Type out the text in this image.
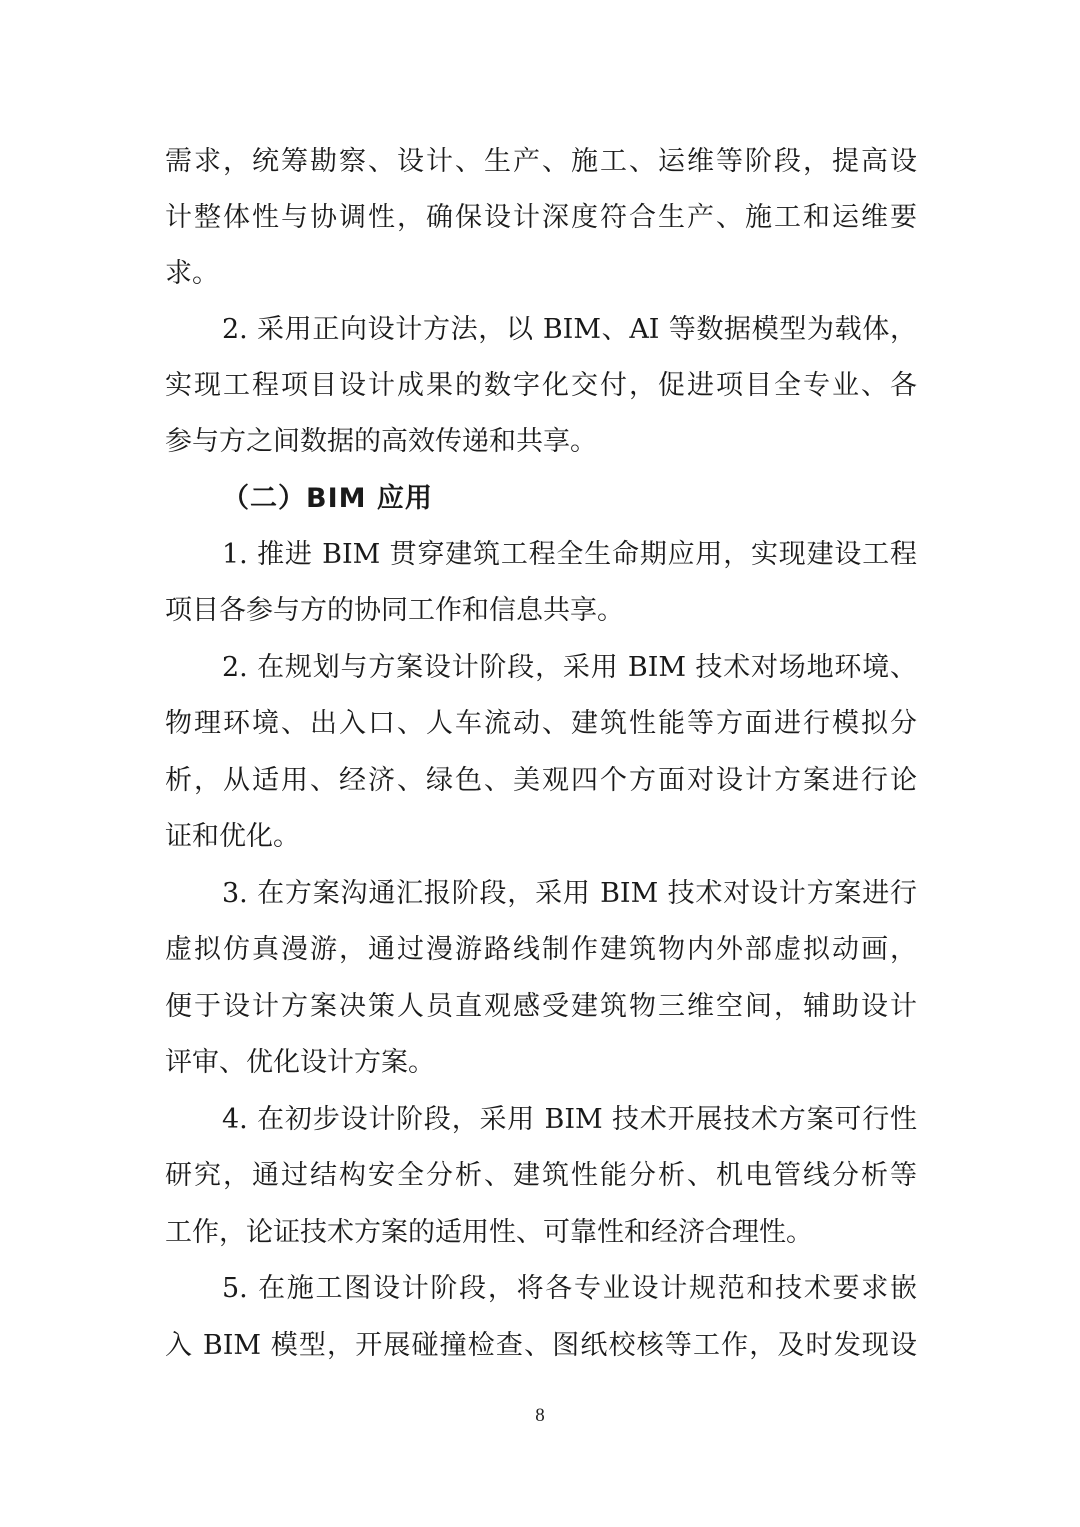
需求，统筹勘察、设计、生产、施工、运维等阶段，提高设
计整体性与协调性，确保设计深度符合生产、施工和运维要
求。
2. 采用正向设计方法，以 BIM、AI 等数据模型为载体，
实现工程项目设计成果的数字化交付，促进项目全专业、各
参与方之间数据的高效传递和共享。
（二）BIM 应用
1. 推进 BIM 贯穿建筑工程全生命期应用，实现建设工程
项目各参与方的协同工作和信息共享。
2. 在规划与方案设计阶段，采用 BIM 技术对场地环境、
物理环境、出入口、人车流动、建筑性能等方面进行模拟分
析，从适用、经济、绿色、美观四个方面对设计方案进行论
证和优化。
3. 在方案沟通汇报阶段，采用 BIM 技术对设计方案进行
虚拟仿真漫游，通过漫游路线制作建筑物内外部虚拟动画，
便于设计方案决策人员直观感受建筑物三维空间，辅助设计
评审、优化设计方案。
4. 在初步设计阶段，采用 BIM 技术开展技术方案可行性
研究，通过结构安全分析、建筑性能分析、机电管线分析等
工作，论证技术方案的适用性、可靠性和经济合理性。
5. 在施工图设计阶段，将各专业设计规范和技术要求嵌
入 BIM 模型，开展碰撞检查、图纸校核等工作，及时发现设
8
